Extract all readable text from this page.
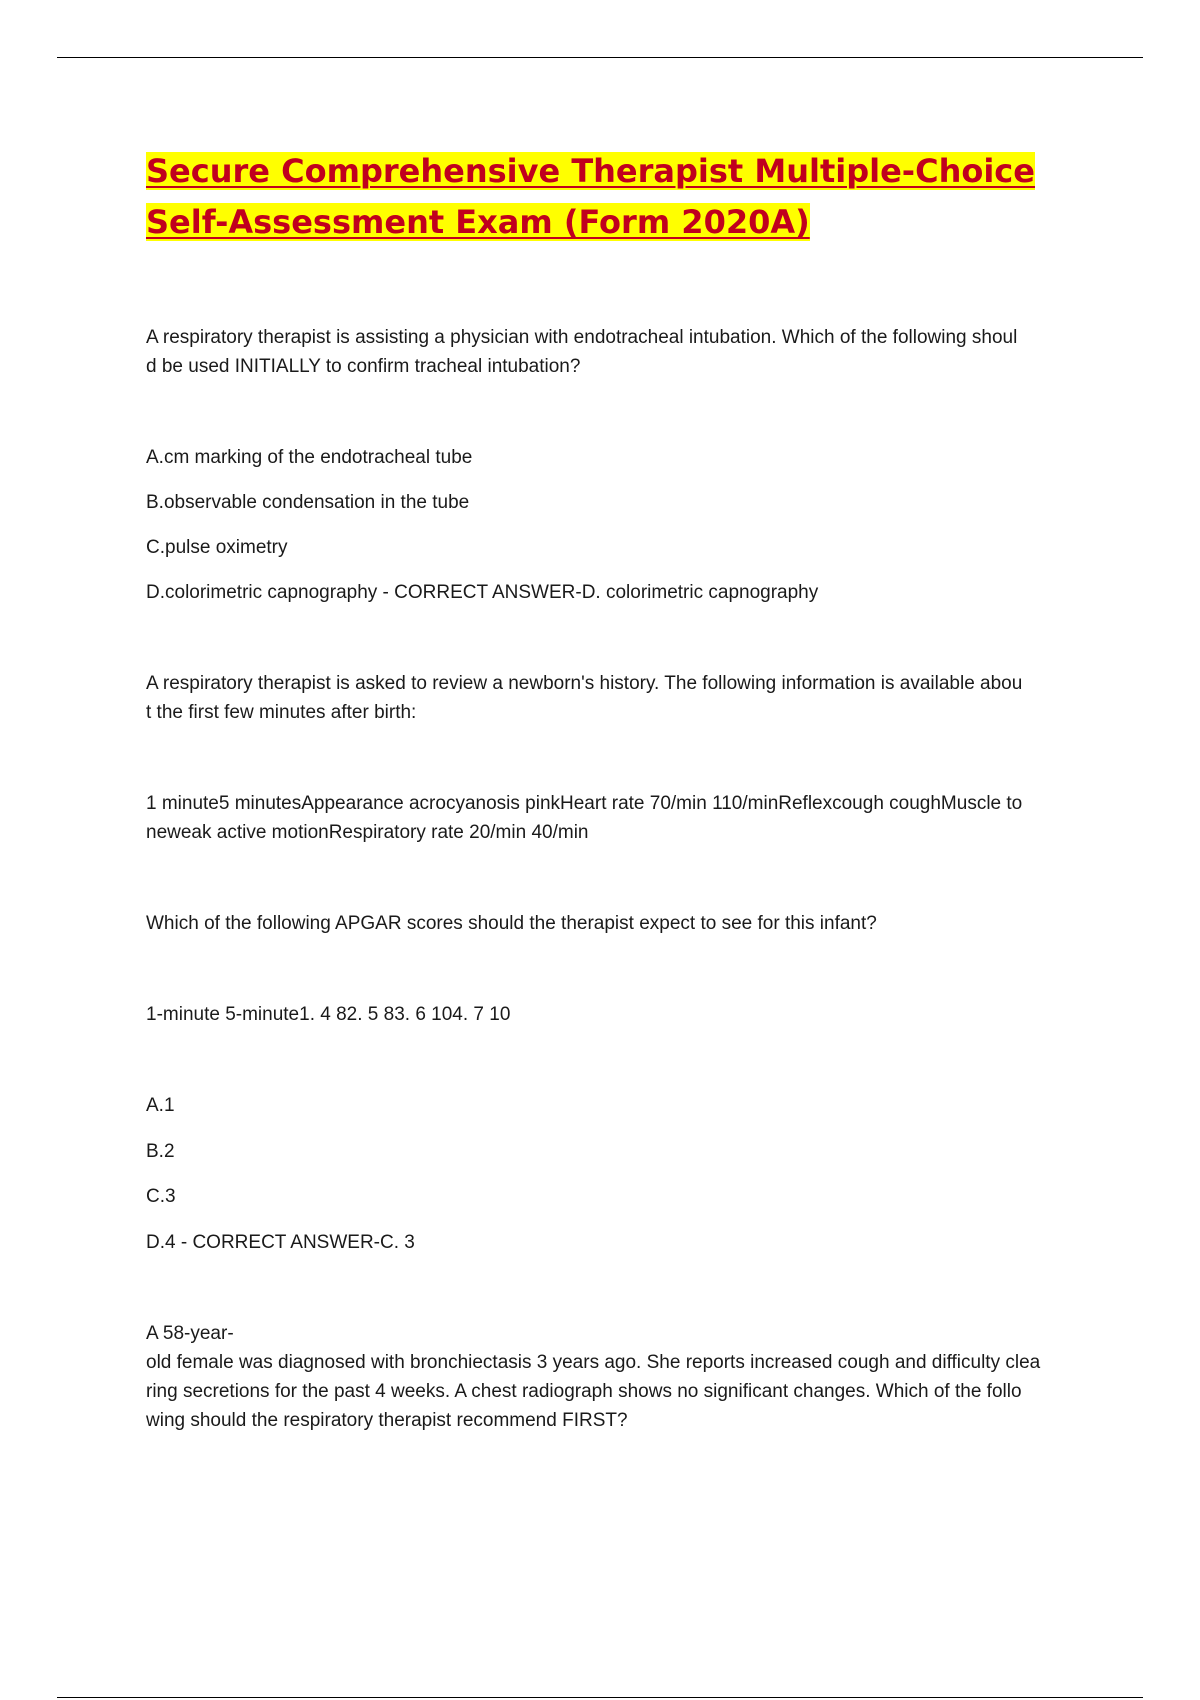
Secure Comprehensive Therapist Multiple-Choice
Self-Assessment Exam (Form 2020A)

A respiratory therapist is assisting a physician with endotracheal intubation. Which of the following shoul

d be used INITIALLY to confirm tracheal intubation?

A.cm marking of the endotracheal tube

B.observable condensation in the tube

C.pulse oximetry

D.colorimetric capnography - CORRECT ANSWER-D. colorimetric capnography

A respiratory therapist is asked to review a newborn's history. The following information is available abou

t the first few minutes after birth:

1 minute5 minutesAppearance acrocyanosis pinkHeart rate 70/min 110/minReflexcough coughMuscle to

neweak active motionRespiratory rate 20/min 40/min

Which of the following APGAR scores should the therapist expect to see for this infant?

1-minute 5-minute1. 4 82. 5 83. 6 104. 7 10

A.1

B.2

C.3

D.4 - CORRECT ANSWER-C. 3

A 58-year-

old female was diagnosed with bronchiectasis 3 years ago. She reports increased cough and difficulty clea

ring secretions for the past 4 weeks. A chest radiograph shows no significant changes. Which of the follo

wing should the respiratory therapist recommend FIRST?
